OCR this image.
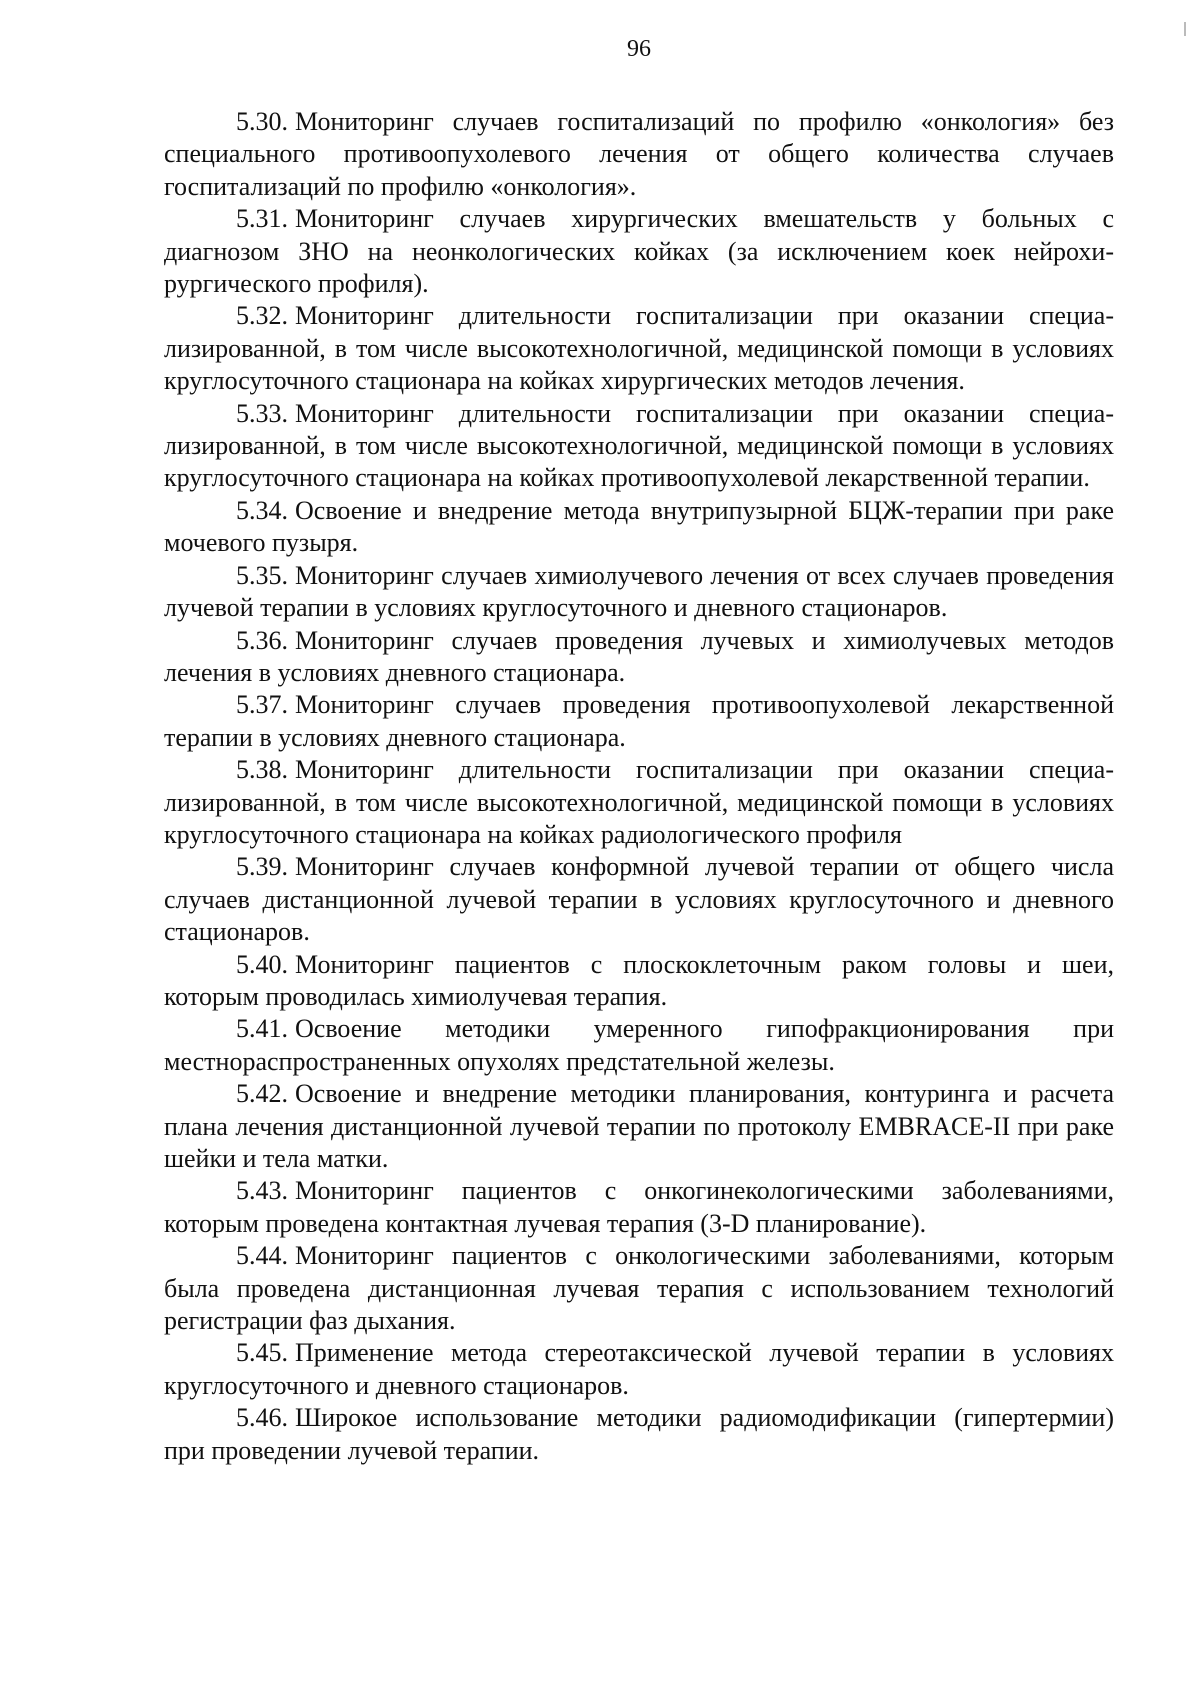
96

5.30. Мониторинг случаев госпитализаций по профилю «онкология» без специального противоопухолевого лечения от общего количества случаев госпитализаций по профилю «онкология».

5.31. Мониторинг случаев хирургических вмешательств у больных с диагнозом ЗНО на неонкологических койках (за исключением коек нейрохирургического профиля).

5.32. Мониторинг длительности госпитализации при оказании специализированной, в том числе высокотехнологичной, медицинской помощи в условиях круглосуточного стационара на койках хирургических методов лечения.

5.33. Мониторинг длительности госпитализации при оказании специализированной, в том числе высокотехнологичной, медицинской помощи в условиях круглосуточного стационара на койках противоопухолевой лекарственной терапии.

5.34. Освоение и внедрение метода внутрипузырной БЦЖ-терапии при раке мочевого пузыря.

5.35. Мониторинг случаев химиолучевого лечения от всех случаев проведения лучевой терапии в условиях круглосуточного и дневного стационаров.

5.36. Мониторинг случаев проведения лучевых и химиолучевых методов лечения в условиях дневного стационара.

5.37. Мониторинг случаев проведения противоопухолевой лекарственной терапии в условиях дневного стационара.

5.38. Мониторинг длительности госпитализации при оказании специализированной, в том числе высокотехнологичной, медицинской помощи в условиях круглосуточного стационара на койках радиологического профиля

5.39. Мониторинг случаев конформной лучевой терапии от общего числа случаев дистанционной лучевой терапии в условиях круглосуточного и дневного стационаров.

5.40. Мониторинг пациентов с плоскоклеточным раком головы и шеи, которым проводилась химиолучевая терапия.

5.41. Освоение методики умеренного гипофракционирования при местнораспространенных опухолях предстательной железы.

5.42. Освоение и внедрение методики планирования, контуринга и расчета плана лечения дистанционной лучевой терапии по протоколу EMBRACE-II при раке шейки и тела матки.

5.43. Мониторинг пациентов с онкогинекологическими заболеваниями, которым проведена контактная лучевая терапия (3-D планирование).

5.44. Мониторинг пациентов с онкологическими заболеваниями, которым была проведена дистанционная лучевая терапия с использованием технологий регистрации фаз дыхания.

5.45. Применение метода стереотаксической лучевой терапии в условиях круглосуточного и дневного стационаров.

5.46. Широкое использование методики радиомодификации (гипертермии) при проведении лучевой терапии.
